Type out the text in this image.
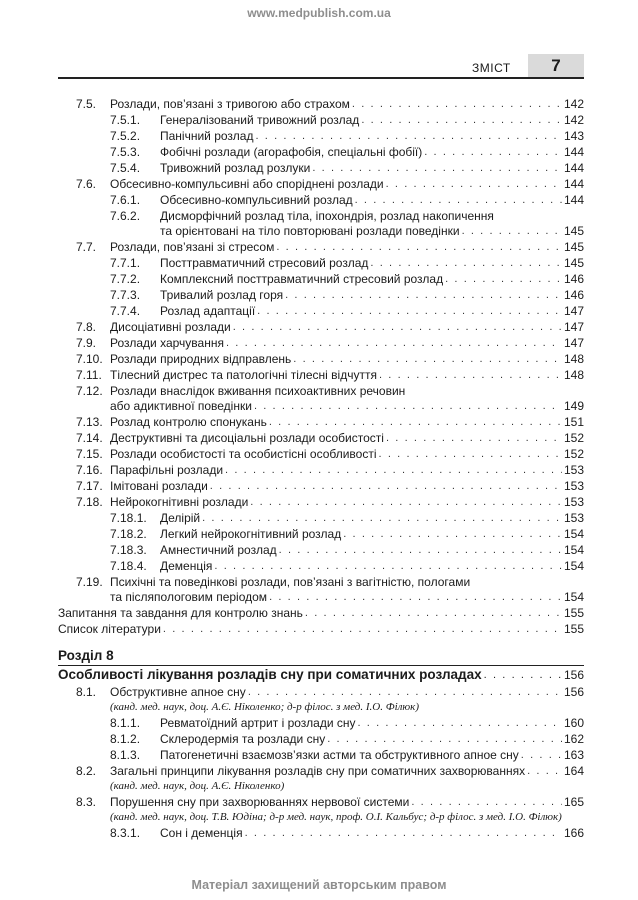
www.medpublish.com.ua
ЗМІСТ	7
7.5.	Розлади, пов’язані з тривогою або страхом . . .	142
7.5.1.	Генералізований тривожний розлад . . .	142
7.5.2.	Панічний розлад . . .	143
7.5.3.	Фобічні розлади (агорафобія, спеціальні фобії) . . .	144
7.5.4.	Тривожний розлад розлуки . . .	144
7.6.	Обсесивно-компульсивні або споріднені розлади . . .	144
7.6.1.	Обсесивно-компульсивний розлад . . .	144
7.6.2.	Дисморфічний розлад тіла, іпохондрія, розлад накопичення
та орієнтовані на тіло повторювані розлади поведінки . . .	145
7.7.	Розлади, пов’язані зі стресом . . .	145
7.7.1.	Посттравматичний стресовий розлад . . .	145
7.7.2.	Комплексний посттравматичний стресовий розлад . . .	146
7.7.3.	Тривалий розлад горя . . .	146
7.7.4.	Розлад адаптації . . .	147
7.8.	Дисоціативні розлади . . .	147
7.9.	Розлади харчування . . .	147
7.10. Розлади природних відправлень . . .	148
7.11. Тілесний дистрес та патологічні тілесні відчуття . . .	148
7.12. Розлади внаслідок вживання психоактивних речовин
або адиктивної поведінки . . .	149
7.13. Розлад контролю спонукань . . .	151
7.14. Деструктивні та дисоціальні розлади особистості . . .	152
7.15. Розлади особистості та особистісні особливості . . .	152
7.16. Парафільні розлади . . .	153
7.17. Імітовані розлади . . .	153
7.18. Нейрокогнітивні розлади . . .	153
7.18.1.	Делірій . . .	153
7.18.2.	Легкий нейрокогнітивний розлад . . .	154
7.18.3.	Амнестичний розлад . . .	154
7.18.4.	Деменція . . .	154
7.19. Психічні та поведінкові розлади, пов’язані з вагітністю, пологами
та післяпологовим періодом . . .	154
Запитання та завдання для контролю знань . . .	155
Список літератури . . .	155
Розділ 8
Особливості лікування розладів сну при соматичних розладах . . .	156
8.1.	Обструктивне апное сну . . .	156
(канд. мед. наук, доц. А.Є. Ніколенко; д-р філос. з мед. І.О. Філюк)
8.1.1.	Ревматоїдний артрит і розлади сну . . .	160
8.1.2.	Склеродермія та розлади сну . . .	162
8.1.3.	Патогенетичні взаємозв’язки астми та обструктивного апное сну . . .	163
8.2.	Загальні принципи лікування розладів сну при соматичних захворюваннях . . .	164
(канд. мед. наук, доц. А.Є. Ніколенко)
8.3.	Порушення сну при захворюваннях нервової системи . . .	165
(канд. мед. наук, доц. Т.В. Юдіна; д-р мед. наук, проф. О.І. Кальбус; д-р філос. з мед. І.О. Філюк)
8.3.1.	Сон і деменція . . .	166
Матеріал захищений авторським правом
